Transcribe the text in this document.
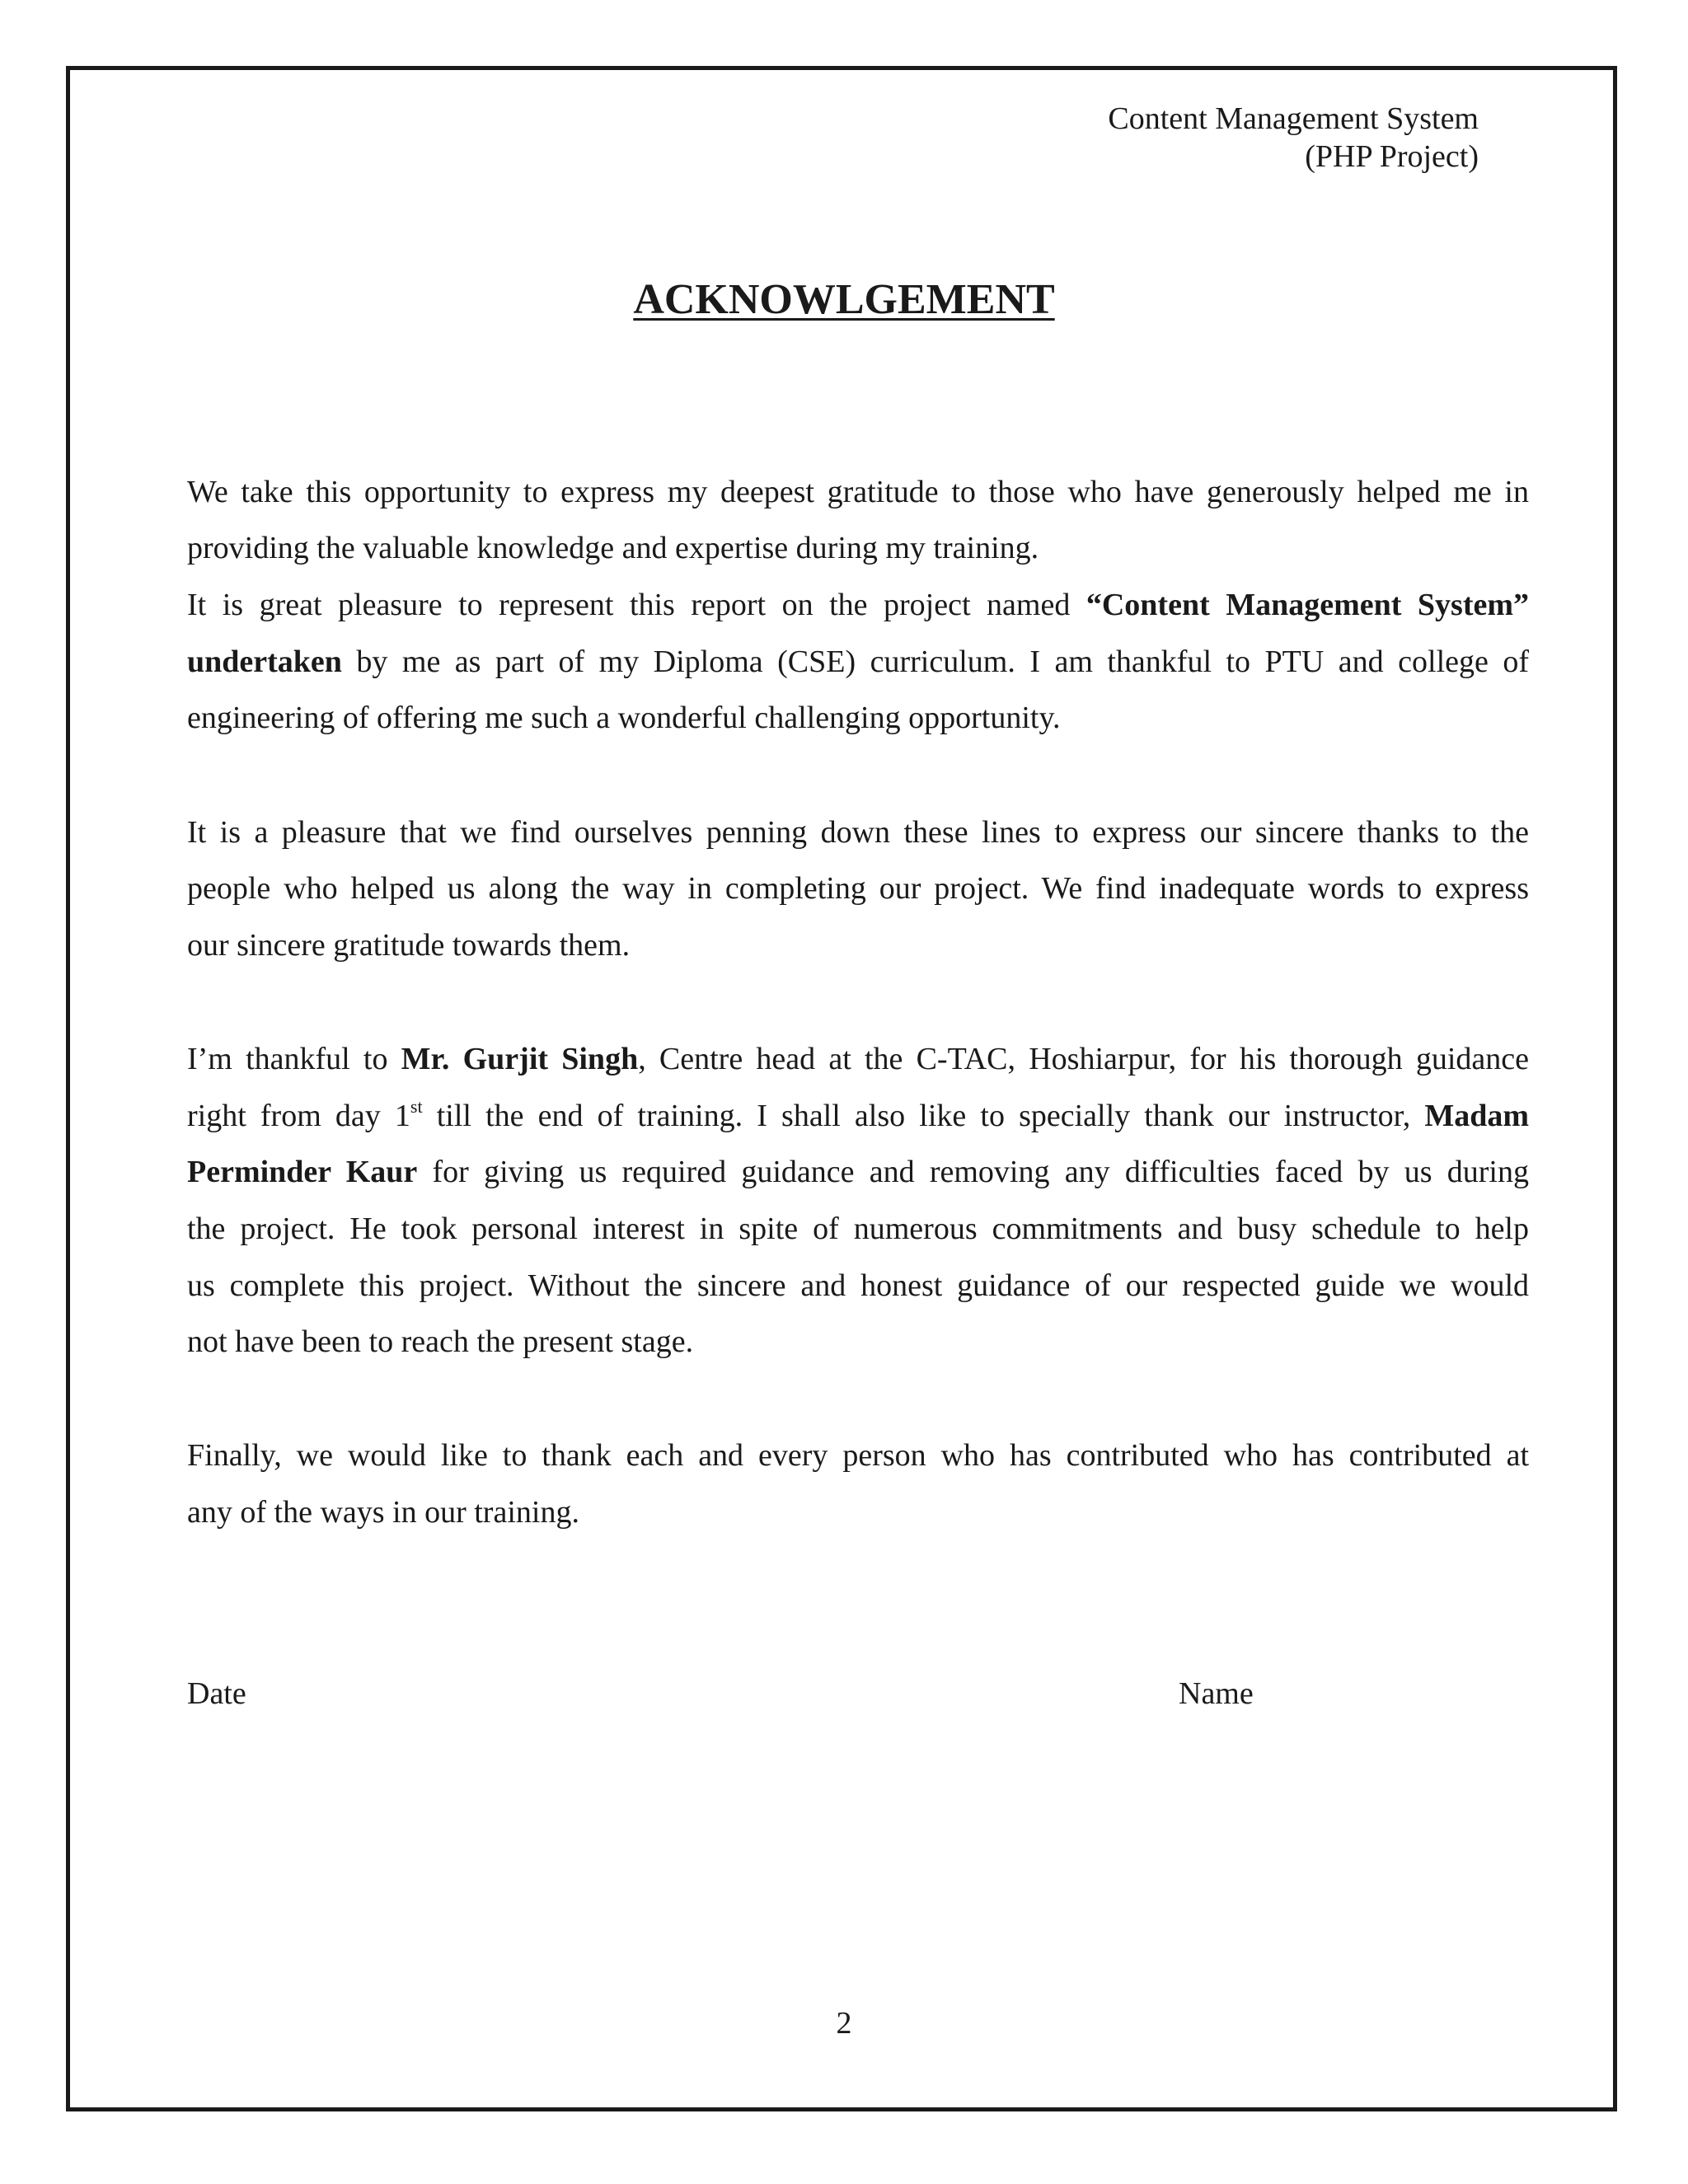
Content Management System
(PHP Project)
ACKNOWLGEMENT
We take this opportunity to express my deepest gratitude to those who have generously helped me in
providing the valuable knowledge and expertise during my training.
It is great pleasure to represent this report on the project named “Content Management System”
undertaken by me as part of my Diploma (CSE) curriculum. I am thankful to PTU and college of
engineering of offering me such a wonderful challenging opportunity.
It is a pleasure that we find ourselves penning down these lines to express our sincere thanks to the
people who helped us along the way in completing our project. We find inadequate words to express
our sincere gratitude towards them.
I’m thankful to Mr. Gurjit Singh, Centre head at the C-TAC, Hoshiarpur, for his thorough guidance
right from day 1st till the end of training. I shall also like to specially thank our instructor, Madam
Perminder Kaur for giving us required guidance and removing any difficulties faced by us during
the project. He took personal interest in spite of numerous commitments and busy schedule to help
us complete this project. Without the sincere and honest guidance of our respected guide we would
not have been to reach the present stage.
Finally, we would like to thank each and every person who has contributed who has contributed at
any of the ways in our training.
Date	Name
2
